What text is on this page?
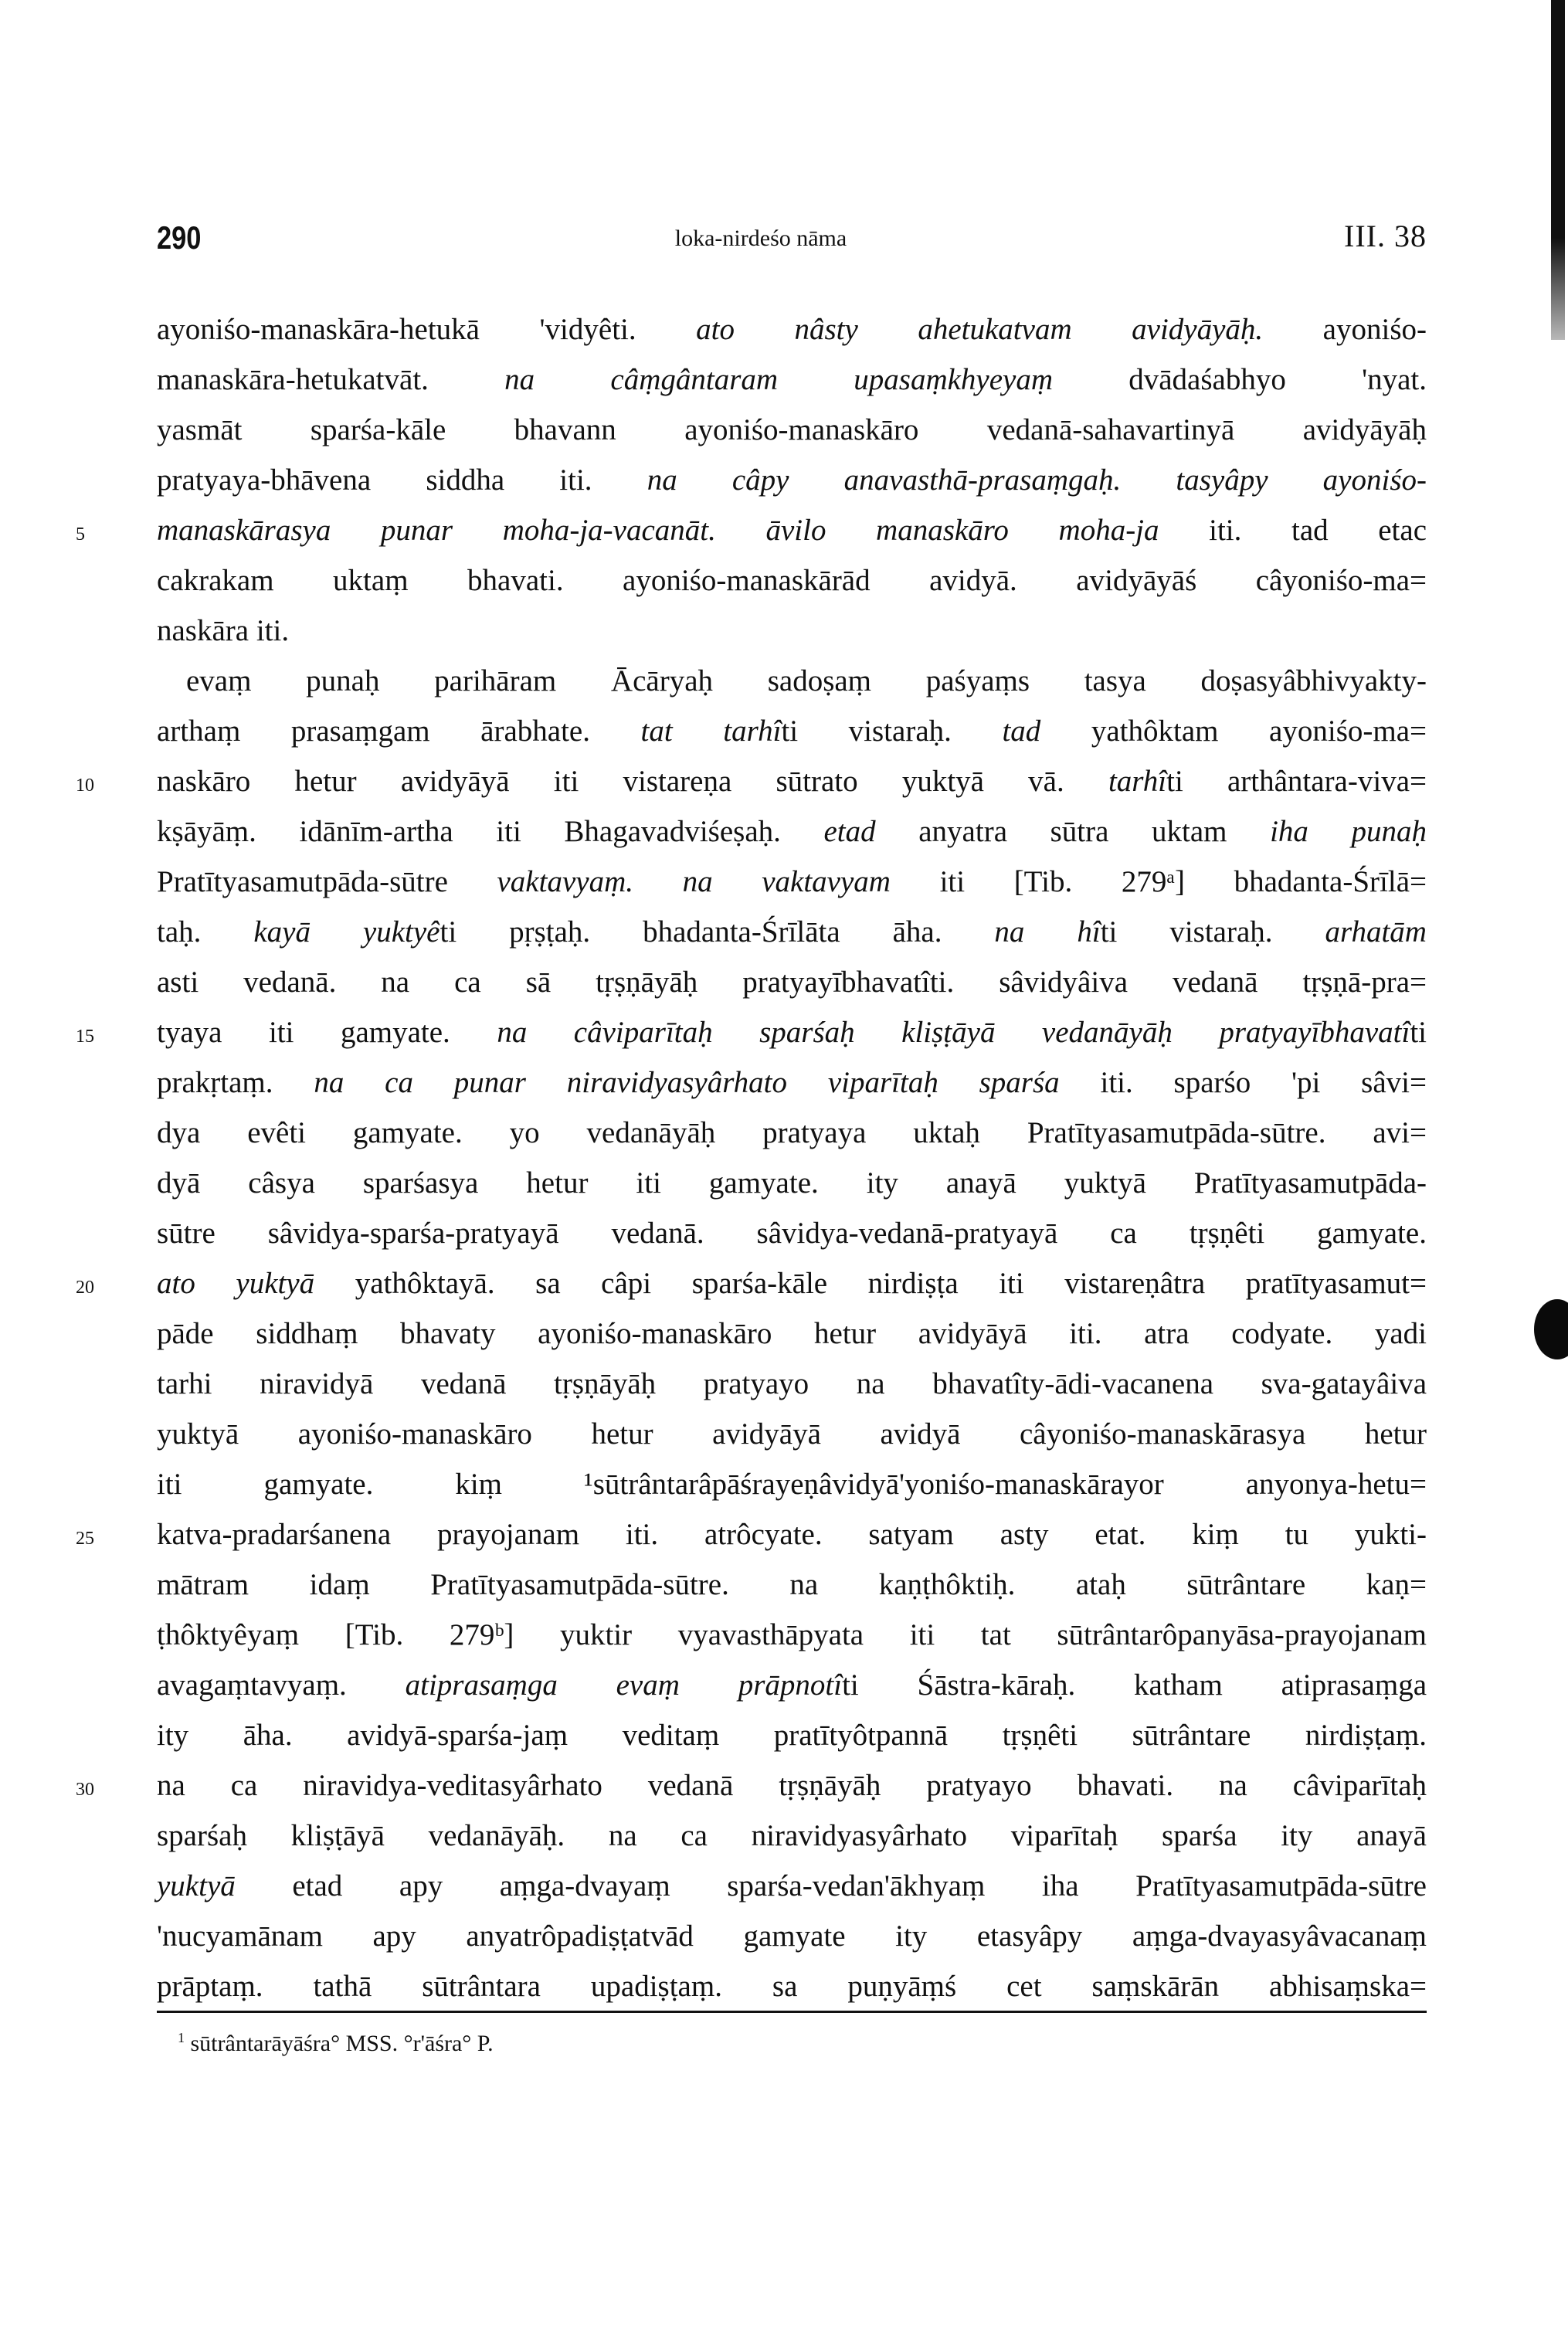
290	loka-nirdeśo nāma	III. 38
ayoniśo-manaskāra-hetukā 'vidyêti. ato nâsty ahetukatvam avidyāyāḥ. ayoniśo-
manaskāra-hetukatvāt. na câṃgântaram upasaṃkhyeyaṃ dvādaśabhyo 'nyat.
yasmāt sparśa-kāle bhavann ayoniśo-manaskāro vedanā-sahavartinyā avidyāyāḥ
pratyaya-bhāvena siddha iti. na câpy anavasthā-prasaṃgaḥ. tasyâpy ayoniśo-
5	manaskārasya punar moha-ja-vacanāt. āvilo manaskāro moha-ja iti. tad etac
cakrakam uktaṃ bhavati. ayoniśo-manaskārād avidyā. avidyāyāś câyoniśo-ma=
naskāra iti.
evaṃ punaḥ parihāram Ācāryaḥ sadoṣaṃ paśyaṃs tasya doṣasyâbhivyakty-
arthaṃ prasaṃgam ārabhate. tat tarhîti vistaraḥ. tad yathôktam ayoniśo-ma=
10	naskāro hetur avidyāyā iti vistareṇa sūtrato yuktyā vā. tarhîti arthântara-viva=
kṣāyāṃ. idānīm-artha iti Bhagavadviśeṣaḥ. etad anyatra sūtra uktam iha punaḥ
Pratītyasamutpāda-sūtre vaktavyaṃ. na vaktavyam iti [Tib. 279ᵃ] bhadanta-Śrīlā=
taḥ. kayā yuktyêti pṛṣṭaḥ. bhadanta-Śrīlāta āha. na hîti vistaraḥ. arhatām
asti vedanā. na ca sā tṛṣṇāyāḥ pratyayībhavatîti. sâvidyâiva vedanā tṛṣṇā-pra=
15	tyaya iti gamyate. na câviparītaḥ sparśaḥ kliṣṭāyā vedanāyāḥ pratyayībhavatîti
prakṛtaṃ. na ca punar niravidyasyârhato viparītaḥ sparśa iti. sparśo 'pi sâvi=
dya evêti gamyate. yo vedanāyāḥ pratyaya uktaḥ Pratītyasamutpāda-sūtre. avi=
dyā câsya sparśasya hetur iti gamyate. ity anayā yuktyā Pratītyasamutpāda-
sūtre sâvidya-sparśa-pratyayā vedanā. sâvidya-vedanā-pratyayā ca tṛṣṇêti gamyate.
20	ato yuktyā yathôktayā. sa câpi sparśa-kāle nirdiṣṭa iti vistareṇâtra pratītyasamut=
pāde siddhaṃ bhavaty ayoniśo-manaskāro hetur avidyāyā iti. atra codyate. yadi
tarhi niravidyā vedanā tṛṣṇāyāḥ pratyayo na bhavatîty-ādi-vacanena sva-gatayâiva
yuktyā ayoniśo-manaskāro hetur avidyāyā avidyā câyoniśo-manaskārasya hetur
iti gamyate. kiṃ ¹sūtrântarâpāśrayeṇâvidyā'yoniśo-manaskārayor anyonya-hetu=
25	katva-pradarśanena prayojanam iti. atrôcyate. satyam asty etat. kiṃ tu yukti-
mātram idaṃ Pratītyasamutpāda-sūtre. na kaṇṭhôktiḥ. ataḥ sūtrântare kaṇ=
ṭhôktyêyaṃ [Tib. 279ᵇ] yuktir vyavasthāpyata iti tat sūtrântarôpanyāsa-prayojanam
avagaṃtavyaṃ. atiprasaṃga evaṃ prāpnotîti Śāstra-kāraḥ. katham atiprasaṃga
ity āha. avidyā-sparśa-jaṃ veditaṃ pratītyôtpannā tṛṣṇêti sūtrântare nirdiṣṭaṃ.
30	na ca niravidya-veditasyârhato vedanā tṛṣṇāyāḥ pratyayo bhavati. na câviparītaḥ
sparśaḥ kliṣṭāyā vedanāyāḥ. na ca niravidyasyârhato viparītaḥ sparśa ity anayā
yuktyā etad apy aṃga-dvayaṃ sparśa-vedan'ākhyaṃ iha Pratītyasamutpāda-sūtre
'nucyamānam apy anyatrôpadiṣṭatvād gamyate ity etasyâpy aṃga-dvayasyâvacanaṃ
prāptaṃ. tathā sūtrântara upadiṣṭaṃ. sa puṇyāṃś cet saṃskārān abhisaṃska=
$^1$ sūtrântarāyāśra° MSS. °r'āśra° P.
